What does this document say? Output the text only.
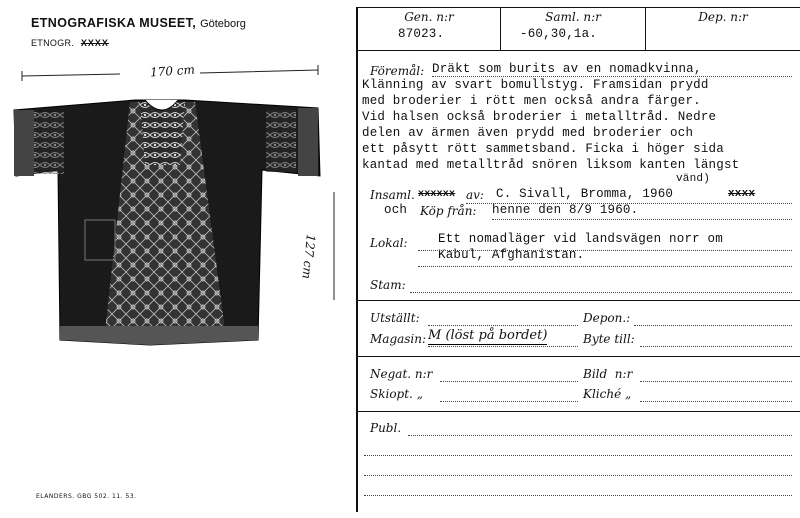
ETNOGRAFISKA MUSEET, Göteborg
ETNOGR. XXXX
170 cm
127 cm
ELANDERS. GBG 502. 11. 53.
Gen. n:r
87023.
Saml. n:r
-60,30,1a.
Dep. n:r
Föremål: Dräkt som burits av en nomadkvinna,
Klänning av svart bomullstyg. Framsidan prydd
med broderier i rött men också andra färger.
Vid halsen också broderier i metalltråd. Nedre
delen av ärmen även prydd med broderier och
ett påsytt rött sammetsband. Ficka i höger sida
kantad med metalltråd snören liksom kanten längst
vänd)
Insaml. xxxxxx av: C. Sivall, Bromma, 1960	xxxx
och Köp från: henne den 8/9 1960.
Lokal: Ett nomadläger vid landsvägen norr om
Kabul, Afghanistan.
Stam:
Utställt:	Depon.:
Magasin: M (löst på bordet)	Byte till:
Negat. n:r	Bild  n:r
Skiopt. „	Kliché „
Publ.
